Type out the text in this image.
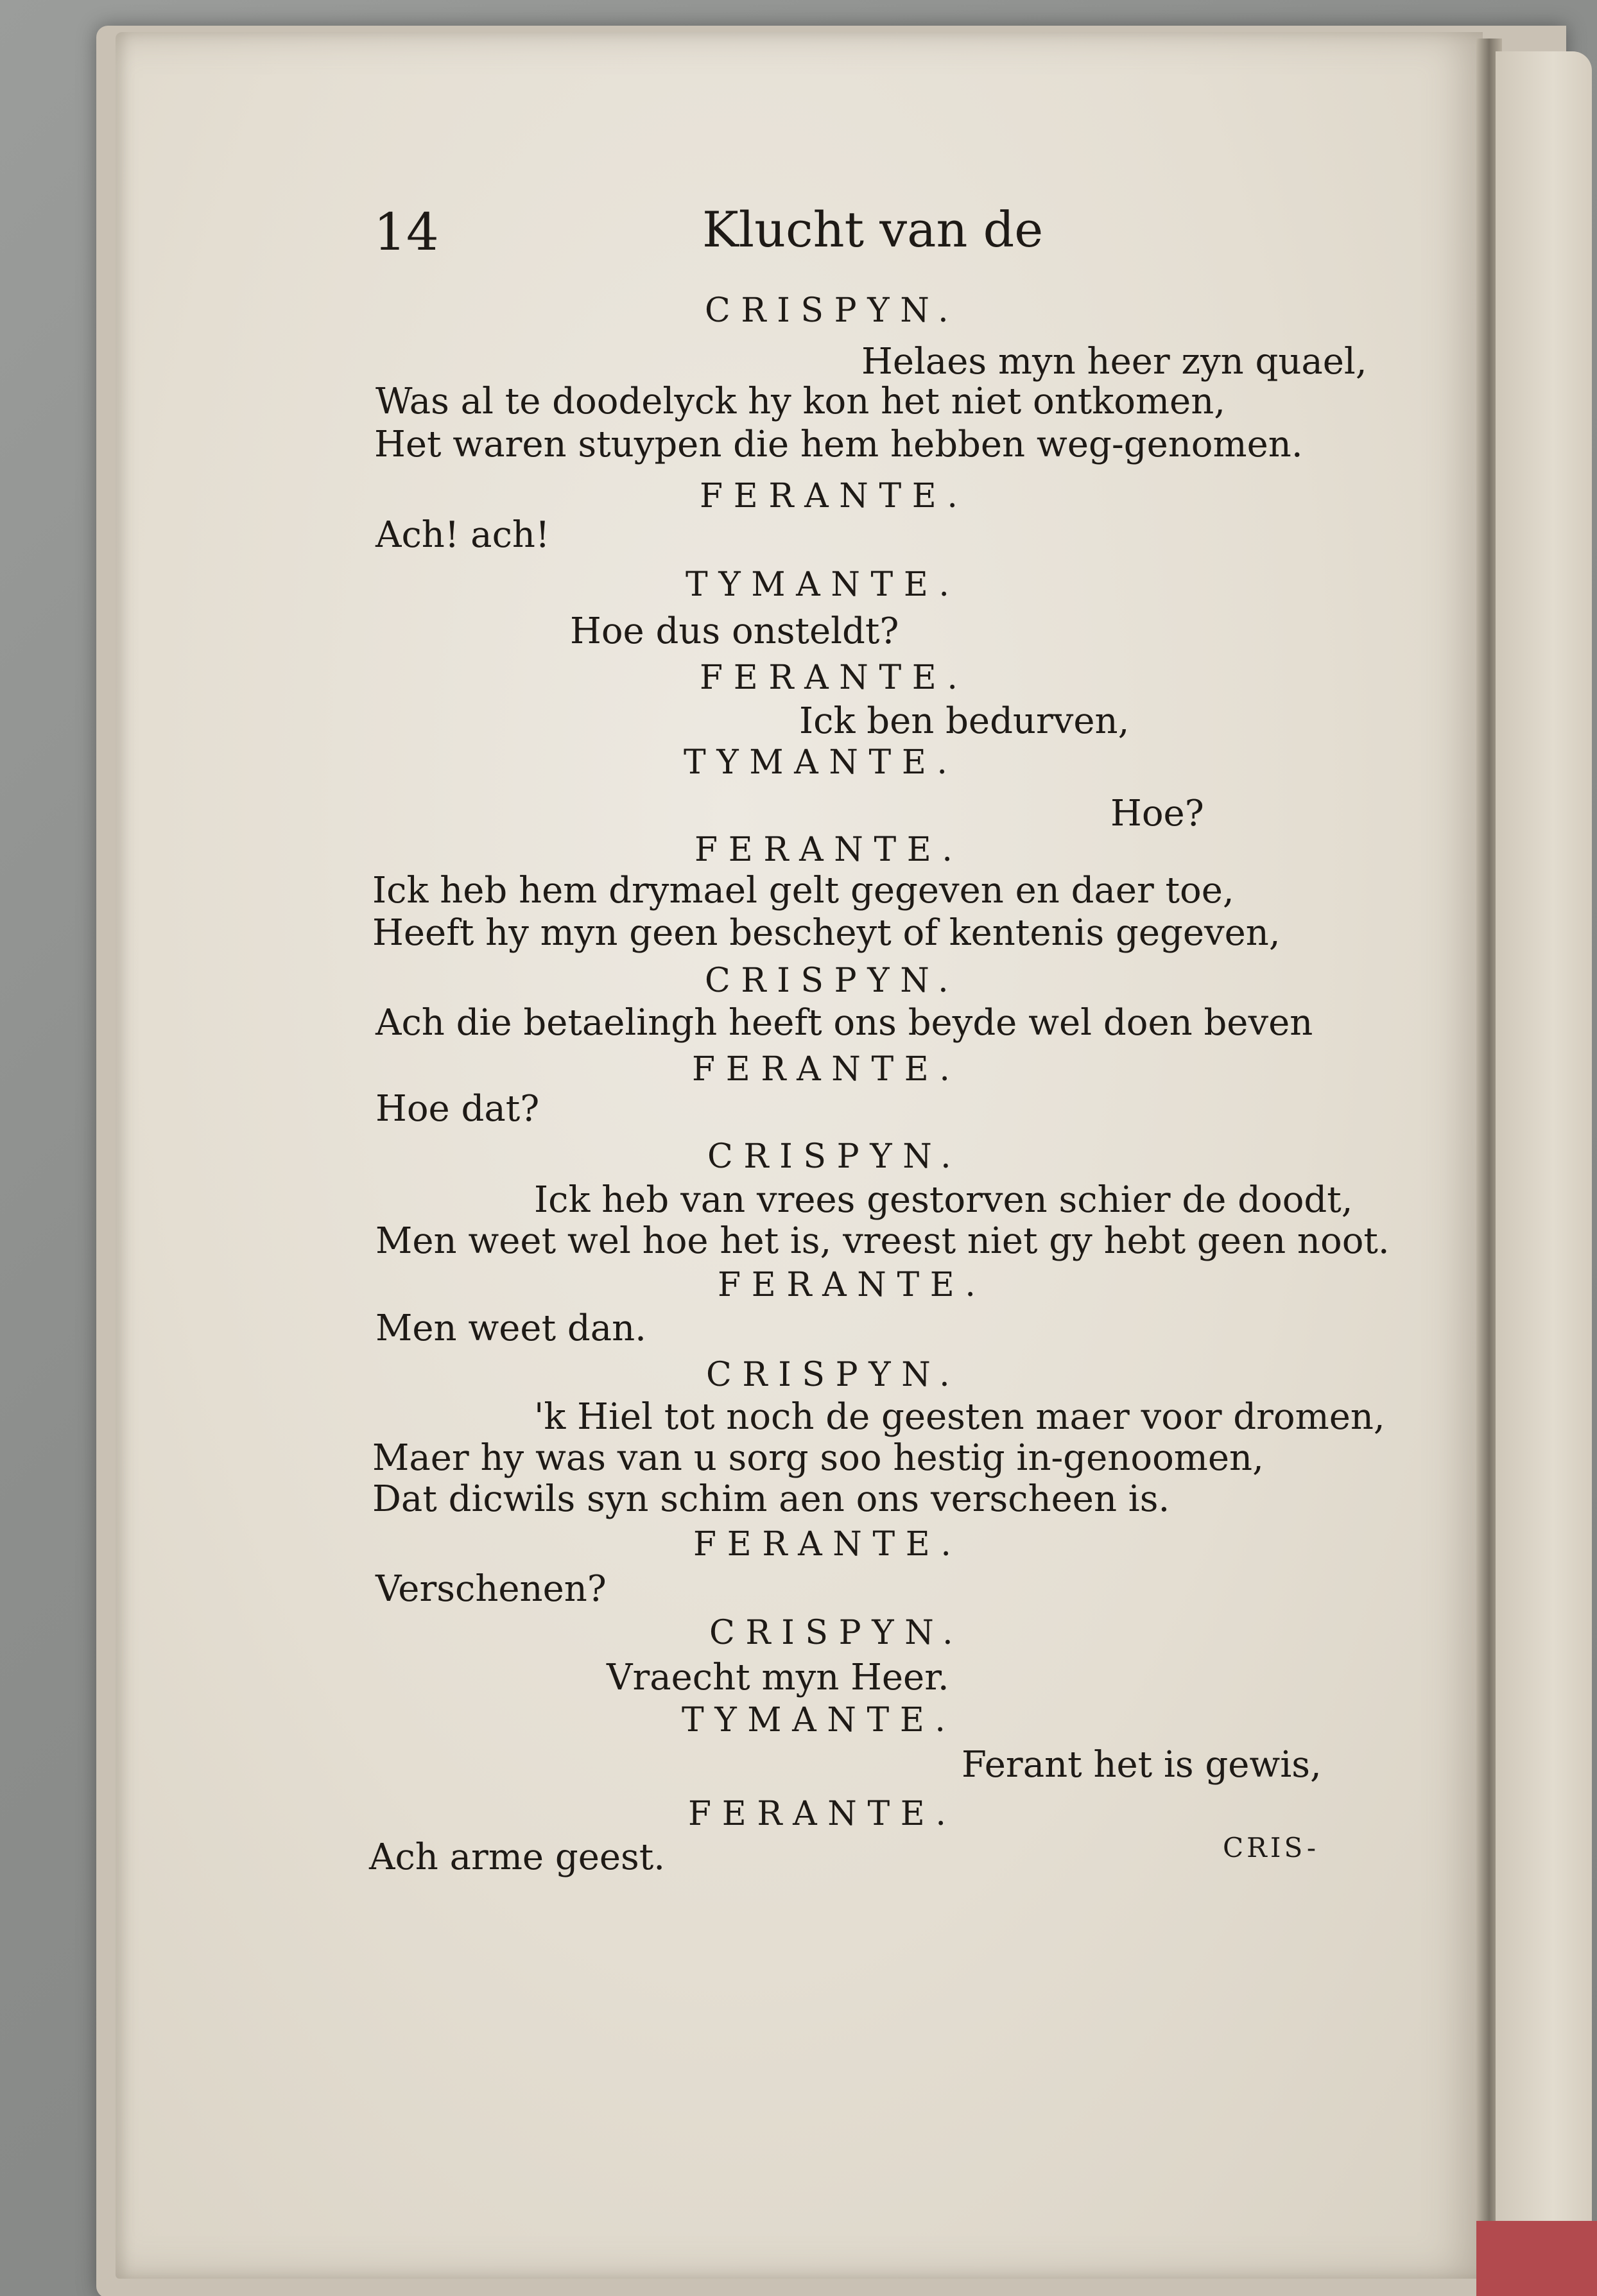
14	Klucht van de
CRISPYN.
Helaes myn heer zyn quael,
Was al te doodelyck hy kon het niet ontkomen,
Het waren stuypen die hem hebben weg-genomen.
FERANTE.
Ach! ach!
TYMANTE.
Hoe dus onsteldt?
FERANTE.
Ick ben bedurven,
TYMANTE.
Hoe?
FERANTE.
Ick heb hem drymael gelt gegeven en daer toe,
Heeft hy myn geen bescheyt of kentenis gegeven,
CRISPYN.
Ach die betaelingh heeft ons beyde wel doen beven
FERANTE.
Hoe dat?
CRISPYN.
Ick heb van vrees gestorven schier de doodt,
Men weet wel hoe het is, vreest niet gy hebt geen noot.
FERANTE.
Men weet dan.
CRISPYN.
'k Hiel tot noch de geesten maer voor dromen,
Maer hy was van u sorg soo hestig in-genoomen,
Dat dicwils syn schim aen ons verscheen is.
FERANTE.
Verschenen?
CRISPYN.
Vraecht myn Heer.
TYMANTE.
Ferant het is gewis,
FERANTE.
Ach arme geest.	CRIS-
